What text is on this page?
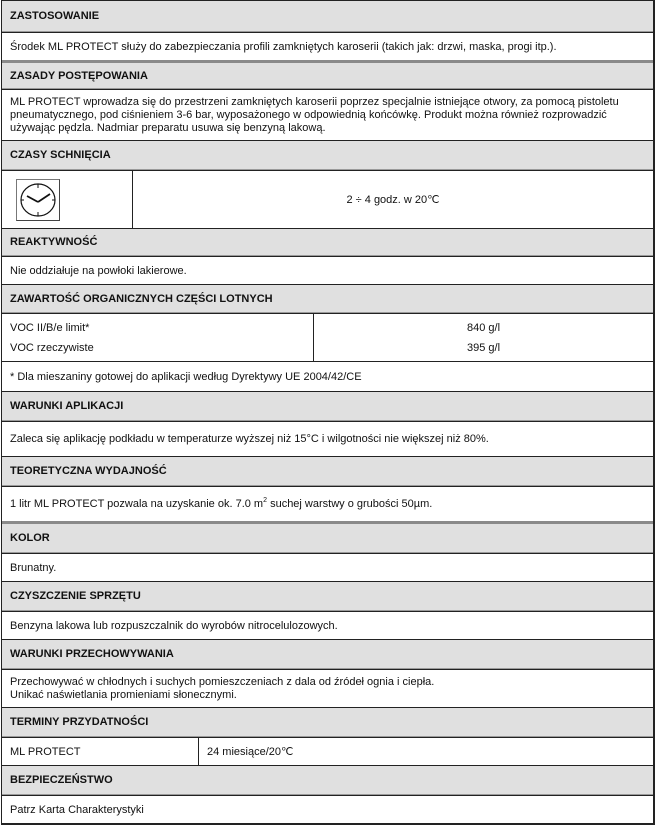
ZASTOSOWANIE
Środek ML PROTECT służy do zabezpieczania profili zamkniętych karoserii (takich jak: drzwi, maska, progi itp.).
ZASADY POSTĘPOWANIA
ML PROTECT wprowadza się do przestrzeni zamkniętych karoserii poprzez specjalnie istniejące otwory, za pomocą pistoletu
pneumatycznego, pod ciśnieniem 3-6 bar, wyposażonego w odpowiednią końcówkę. Produkt można również rozprowadzić
używając pędzla. Nadmiar preparatu usuwa się benzyną lakową.
CZASY SCHNIĘCIA
2 ÷ 4 godz. w 20℃
REAKTYWNOŚĆ
Nie oddziałuje na powłoki lakierowe.
ZAWARTOŚĆ ORGANICZNYCH CZĘŚCI LOTNYCH
VOC II/B/e limit*
VOC rzeczywiste
840 g/l
395 g/l
* Dla mieszaniny gotowej do aplikacji według Dyrektywy UE 2004/42/CE
WARUNKI APLIKACJI
Zaleca się aplikację podkładu w temperaturze wyższej niż 15°C i wilgotności nie większej niż 80%.
TEORETYCZNA WYDAJNOŚĆ
1 litr ML PROTECT pozwala na uzyskanie ok. 7.0 $m^2$ suchej warstwy o grubości 50µm.
KOLOR
Brunatny.
CZYSZCZENIE SPRZĘTU
Benzyna lakowa lub rozpuszczalnik do wyrobów nitrocelulozowych.
WARUNKI PRZECHOWYWANIA
Przechowywać w chłodnych i suchych pomieszczeniach z dala od źródeł ognia i ciepła.
Unikać naświetlania promieniami słonecznymi.
TERMINY PRZYDATNOŚCI
ML PROTECT	24 miesiące/20℃
BEZPIECZEŃSTWO
Patrz Karta Charakterystyki
